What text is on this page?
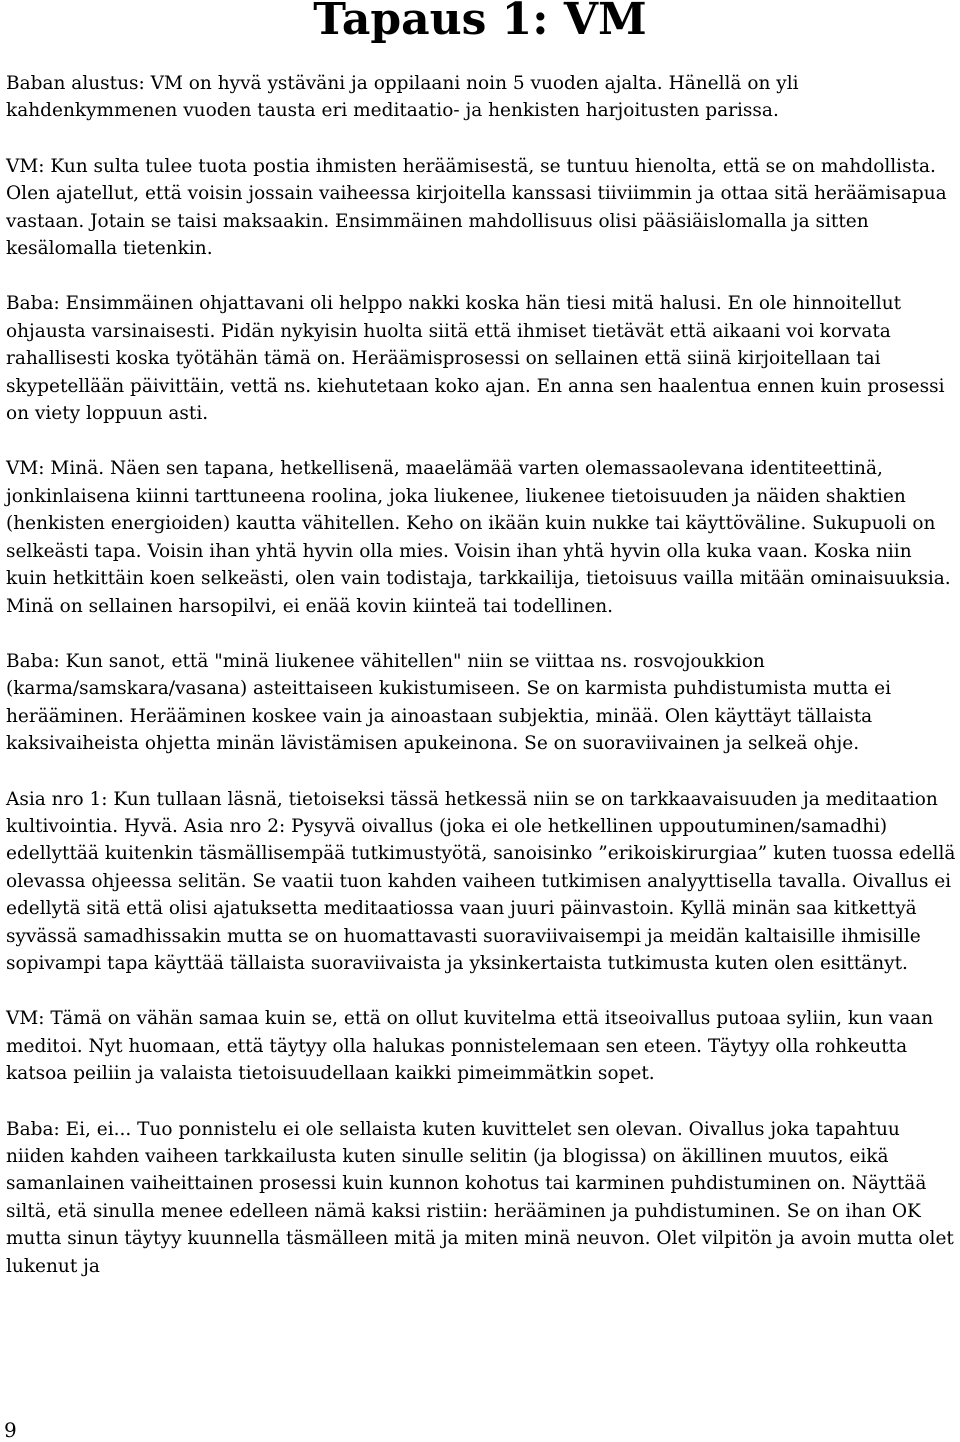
Tapaus 1: VM

Baban alustus: VM on hyvä ystäväni ja oppilaani noin 5 vuoden ajalta. Hänellä on yli kahdenkymmenen vuoden tausta eri meditaatio- ja henkisten harjoitusten parissa.

VM: Kun sulta tulee tuota postia ihmisten heräämisestä, se tuntuu hienolta, että se on mahdollista. Olen ajatellut, että voisin jossain vaiheessa kirjoitella kanssasi tiiviimmin ja ottaa sitä heräämisapua vastaan. Jotain se taisi maksaakin. Ensimmäinen mahdollisuus olisi pääsiäislomalla ja sitten kesälomalla tietenkin.

Baba: Ensimmäinen ohjattavani oli helppo nakki koska hän tiesi mitä halusi. En ole hinnoitellut ohjausta varsinaisesti. Pidän nykyisin huolta siitä että ihmiset tietävät että aikaani voi korvata rahallisesti koska työtähän tämä on. Heräämisprosessi on sellainen että siinä kirjoitellaan tai skypetellään päivittäin, vettä ns. kiehutetaan koko ajan. En anna sen haalentua ennen kuin prosessi on viety loppuun asti.

VM: Minä. Näen sen tapana, hetkellisenä, maaelämää varten olemassaolevana identiteettinä, jonkinlaisena kiinni tarttuneena roolina, joka liukenee, liukenee tietoisuuden ja näiden shaktien (henkisten energioiden) kautta vähitellen. Keho on ikään kuin nukke tai käyttöväline. Sukupuoli on selkeästi tapa. Voisin ihan yhtä hyvin olla mies. Voisin ihan yhtä hyvin olla kuka vaan. Koska niin kuin hetkittäin koen selkeästi, olen vain todistaja, tarkkailija, tietoisuus vailla mitään ominaisuuksia. Minä on sellainen harsopilvi, ei enää kovin kiinteä tai todellinen.

Baba: Kun sanot, että "minä liukenee vähitellen" niin se viittaa ns. rosvojoukkion (karma/samskara/vasana) asteittaiseen kukistumiseen. Se on karmista puhdistumista mutta ei herääminen. Herääminen koskee vain ja ainoastaan subjektia, minää. Olen käyttäyt tällaista kaksivaiheista ohjetta minän lävistämisen apukeinona. Se on suoraviivainen ja selkeä ohje.

Asia nro 1: Kun tullaan läsnä, tietoiseksi tässä hetkessä niin se on tarkkaavaisuuden ja meditaation kultivointia. Hyvä. Asia nro 2: Pysyvä oivallus (joka ei ole hetkellinen uppoutuminen/samadhi) edellyttää kuitenkin täsmällisempää tutkimustyötä, sanoisinko ”erikoiskirurgiaa” kuten tuossa edellä olevassa ohjeessa selitän. Se vaatii tuon kahden vaiheen tutkimisen analyyttisella tavalla. Oivallus ei edellytä sitä että olisi ajatuksetta meditaatiossa vaan juuri päinvastoin. Kyllä minän saa kitkettyä syvässä samadhissakin mutta se on huomattavasti suoraviivaisempi ja meidän kaltaisille ihmisille sopivampi tapa käyttää tällaista suoraviivaista ja yksinkertaista tutkimusta kuten olen esittänyt.

VM: Tämä on vähän samaa kuin se, että on ollut kuvitelma että itseoivallus putoaa syliin, kun vaan meditoi. Nyt huomaan, että täytyy olla halukas ponnistelemaan sen eteen. Täytyy olla rohkeutta katsoa peiliin ja valaista tietoisuudellaan kaikki pimeimmätkin sopet.

Baba: Ei, ei... Tuo ponnistelu ei ole sellaista kuten kuvittelet sen olevan. Oivallus joka tapahtuu niiden kahden vaiheen tarkkailusta kuten sinulle selitin (ja blogissa) on äkillinen muutos, eikä samanlainen vaiheittainen prosessi kuin kunnon kohotus tai karminen puhdistuminen on. Näyttää siltä, etä sinulla menee edelleen nämä kaksi ristiin: herääminen ja puhdistuminen. Se on ihan OK mutta sinun täytyy kuunnella täsmälleen mitä ja miten minä neuvon. Olet vilpitön ja avoin mutta olet lukenut ja

9
